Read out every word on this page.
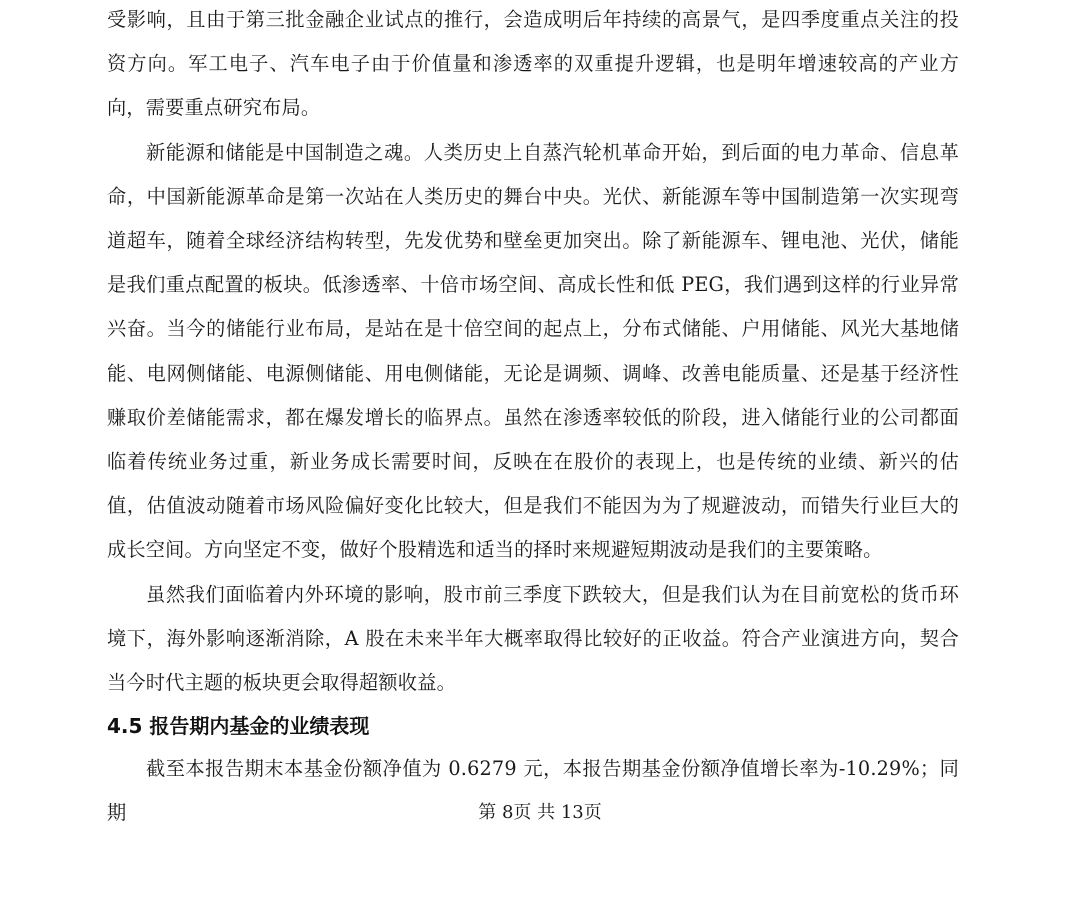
受影响，且由于第三批金融企业试点的推行，会造成明后年持续的高景气，是四季度重点关注的投资方向。军工电子、汽车电子由于价值量和渗透率的双重提升逻辑，也是明年增速较高的产业方向，需要重点研究布局。

新能源和储能是中国制造之魂。人类历史上自蒸汽轮机革命开始，到后面的电力革命、信息革命，中国新能源革命是第一次站在人类历史的舞台中央。光伏、新能源车等中国制造第一次实现弯道超车，随着全球经济结构转型，先发优势和壁垒更加突出。除了新能源车、锂电池、光伏，储能是我们重点配置的板块。低渗透率、十倍市场空间、高成长性和低 PEG，我们遇到这样的行业异常兴奋。当今的储能行业布局，是站在是十倍空间的起点上，分布式储能、户用储能、风光大基地储能、电网侧储能、电源侧储能、用电侧储能，无论是调频、调峰、改善电能质量、还是基于经济性赚取价差储能需求，都在爆发增长的临界点。虽然在渗透率较低的阶段，进入储能行业的公司都面临着传统业务过重，新业务成长需要时间，反映在在股价的表现上，也是传统的业绩、新兴的估值，估值波动随着市场风险偏好变化比较大，但是我们不能因为为了规避波动，而错失行业巨大的成长空间。方向坚定不变，做好个股精选和适当的择时来规避短期波动是我们的主要策略。

虽然我们面临着内外环境的影响，股市前三季度下跌较大，但是我们认为在目前宽松的货币环境下，海外影响逐渐消除，A 股在未来半年大概率取得比较好的正收益。符合产业演进方向，契合当今时代主题的板块更会取得超额收益。

4.5 报告期内基金的业绩表现

截至本报告期末本基金份额净值为 0.6279 元，本报告期基金份额净值增长率为-10.29%；同期	第 8页 共 13页
